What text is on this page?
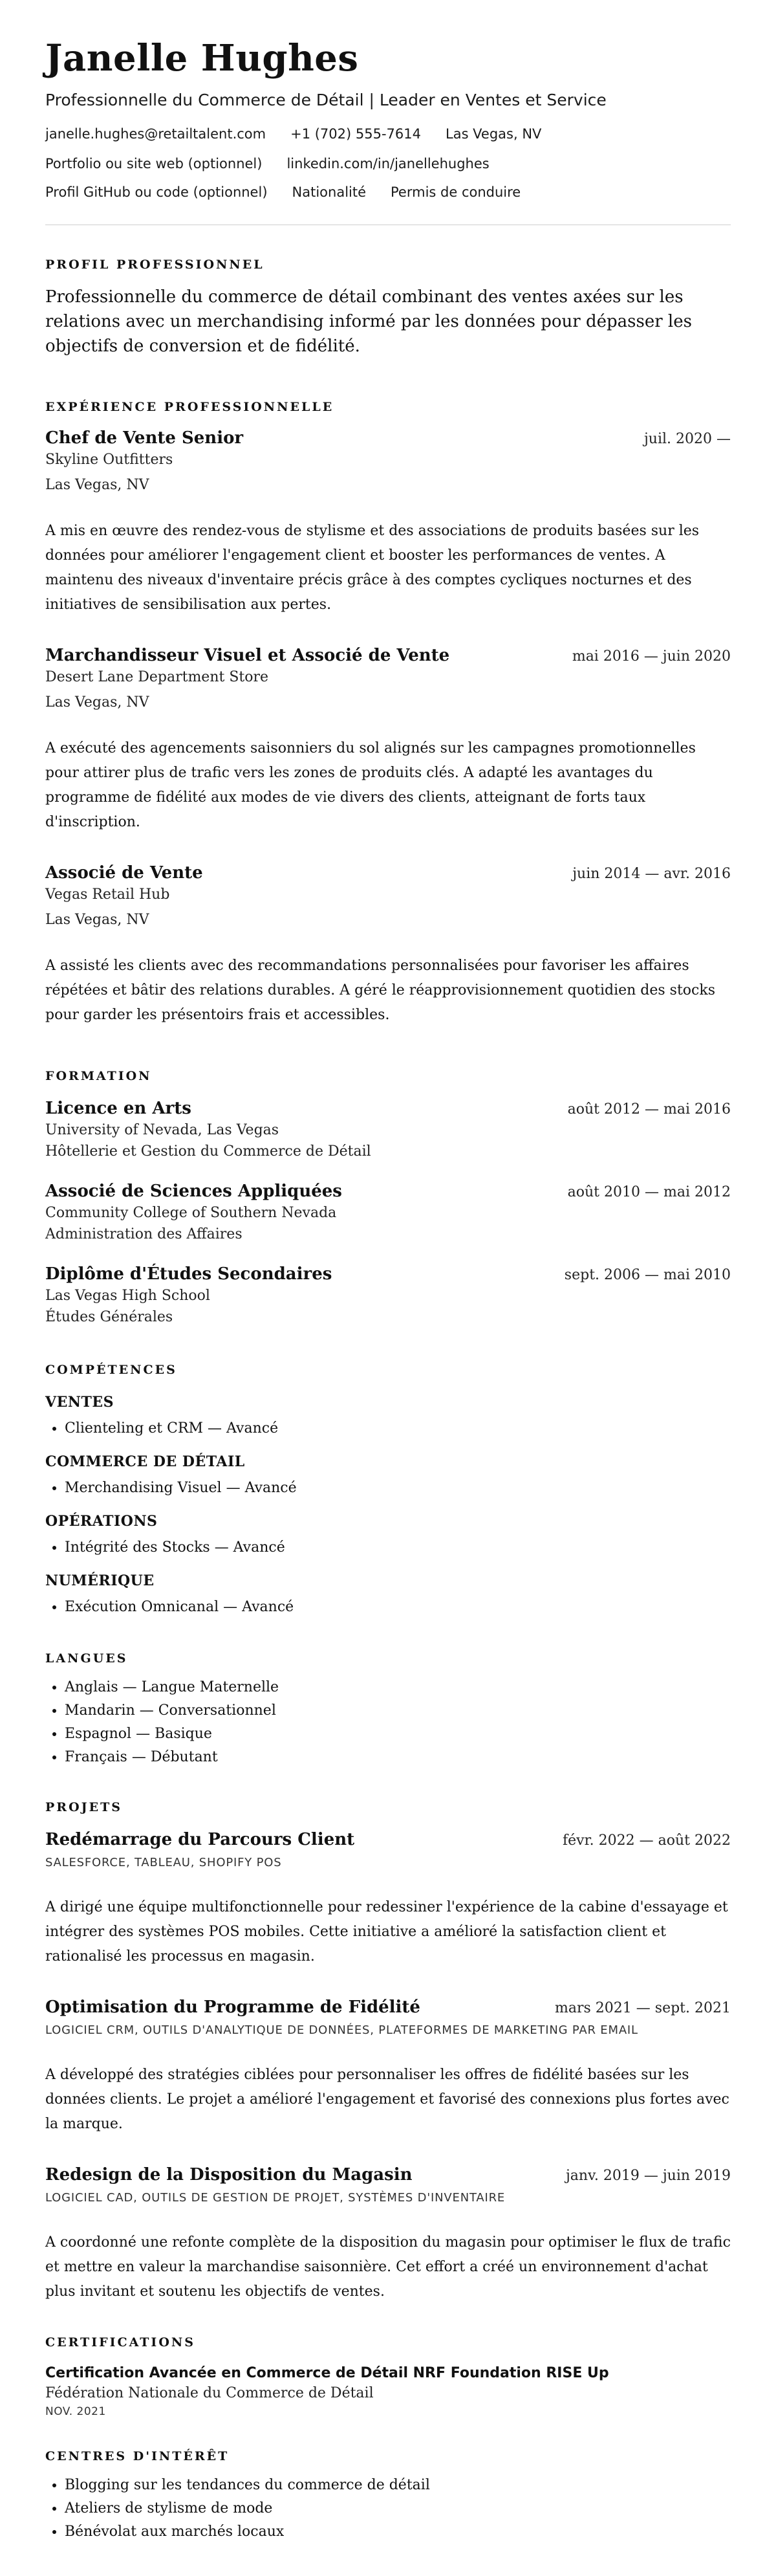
Janelle Hughes
Professionnelle du Commerce de Détail | Leader en Ventes et Service
janelle.hughes@retailtalent.com +1 (702) 555-7614 Las Vegas, NV
Portfolio ou site web (optionnel) linkedin.com/in/janellehughes
Profil GitHub ou code (optionnel) Nationalité Permis de conduire
PROFIL PROFESSIONNEL
Professionnelle du commerce de détail combinant des ventes axées sur les relations avec un merchandising informé par les données pour dépasser les objectifs de conversion et de fidélité.
EXPÉRIENCE PROFESSIONNELLE
Chef de Vente Senior	juil. 2020 —
Skyline Outfitters
Las Vegas, NV
A mis en œuvre des rendez-vous de stylisme et des associations de produits basées sur les données pour améliorer l'engagement client et booster les performances de ventes. A maintenu des niveaux d'inventaire précis grâce à des comptes cycliques nocturnes et des initiatives de sensibilisation aux pertes.
Marchandisseur Visuel et Associé de Vente	mai 2016 — juin 2020
Desert Lane Department Store
Las Vegas, NV
A exécuté des agencements saisonniers du sol alignés sur les campagnes promotionnelles pour attirer plus de trafic vers les zones de produits clés. A adapté les avantages du programme de fidélité aux modes de vie divers des clients, atteignant de forts taux d'inscription.
Associé de Vente	juin 2014 — avr. 2016
Vegas Retail Hub
Las Vegas, NV
A assisté les clients avec des recommandations personnalisées pour favoriser les affaires répétées et bâtir des relations durables. A géré le réapprovisionnement quotidien des stocks pour garder les présentoirs frais et accessibles.
FORMATION
Licence en Arts	août 2012 — mai 2016
University of Nevada, Las Vegas
Hôtellerie et Gestion du Commerce de Détail
Associé de Sciences Appliquées	août 2010 — mai 2012
Community College of Southern Nevada
Administration des Affaires
Diplôme d'Études Secondaires	sept. 2006 — mai 2010
Las Vegas High School
Études Générales
COMPÉTENCES
VENTES
• Clienteling et CRM — Avancé
COMMERCE DE DÉTAIL
• Merchandising Visuel — Avancé
OPÉRATIONS
• Intégrité des Stocks — Avancé
NUMÉRIQUE
• Exécution Omnicanal — Avancé
LANGUES
• Anglais — Langue Maternelle
• Mandarin — Conversationnel
• Espagnol — Basique
• Français — Débutant
PROJETS
Redémarrage du Parcours Client	févr. 2022 — août 2022
SALESFORCE, TABLEAU, SHOPIFY POS
A dirigé une équipe multifonctionnelle pour redessiner l'expérience de la cabine d'essayage et intégrer des systèmes POS mobiles. Cette initiative a amélioré la satisfaction client et rationalisé les processus en magasin.
Optimisation du Programme de Fidélité	mars 2021 — sept. 2021
LOGICIEL CRM, OUTILS D'ANALYTIQUE DE DONNÉES, PLATEFORMES DE MARKETING PAR EMAIL
A développé des stratégies ciblées pour personnaliser les offres de fidélité basées sur les données clients. Le projet a amélioré l'engagement et favorisé des connexions plus fortes avec la marque.
Redesign de la Disposition du Magasin	janv. 2019 — juin 2019
LOGICIEL CAD, OUTILS DE GESTION DE PROJET, SYSTÈMES D'INVENTAIRE
A coordonné une refonte complète de la disposition du magasin pour optimiser le flux de trafic et mettre en valeur la marchandise saisonnière. Cet effort a créé un environnement d'achat plus invitant et soutenu les objectifs de ventes.
CERTIFICATIONS
Certification Avancée en Commerce de Détail NRF Foundation RISE Up
Fédération Nationale du Commerce de Détail
NOV. 2021
CENTRES D'INTÉRÊT
• Blogging sur les tendances du commerce de détail
• Ateliers de stylisme de mode
• Bénévolat aux marchés locaux
